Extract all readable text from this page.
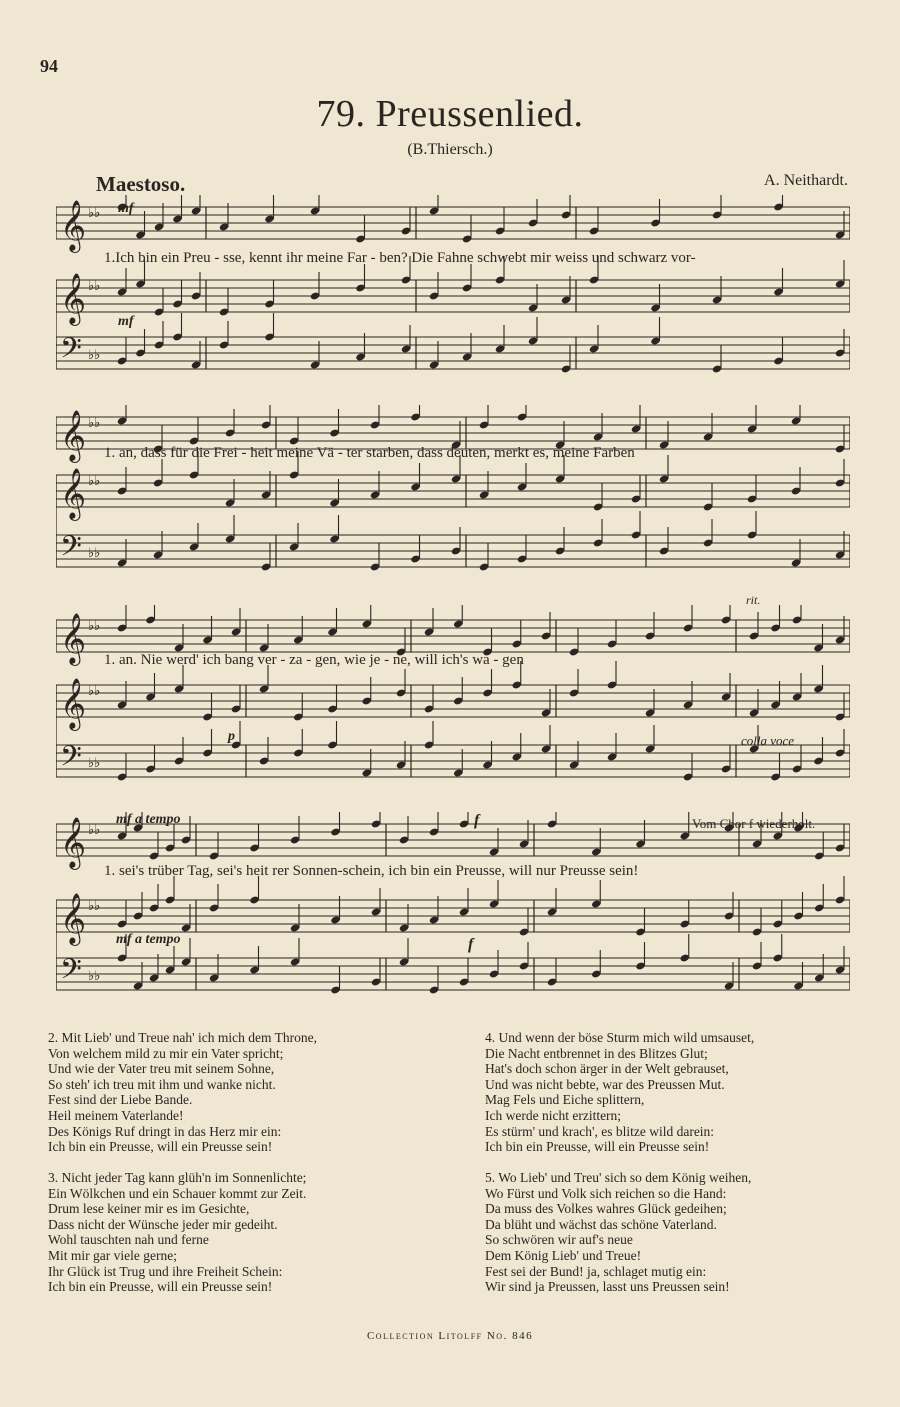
94
79. Preussenlied.
(B.Thiersch.)
Maestoso.	A. Neithardt.
𝄞 ♭♭
𝄞 ♭♭
𝄢 ♭♭
mf
1.Ich bin ein Preu - sse, kennt ihr meine Far - ben? Die Fahne schwebt mir weiss und schwarz vor-
mf
𝄞 ♭♭
𝄞 ♭♭
𝄢 ♭♭
1. an, dass für die Frei - heit meine Vä - ter starben, dass deuten, merkt es, meine Farben
𝄞 ♭♭
𝄞 ♭♭
𝄢 ♭♭
1. an. Nie werd' ich bang ver - za - gen, wie je - ne, will ich's wa - gen
p
rit.
colla voce
𝄞 ♭♭
𝄞 ♭♭
𝄢 ♭♭
mf a tempo	f	Vom Chor f wiederholt.
1. sei's trüber Tag, sei's heit rer Sonnen-schein, ich bin ein Preusse, will nur Preusse sein!
mf a tempo	f
2. Mit Lieb' und Treue nah' ich mich dem Throne,
Von welchem mild zu mir ein Vater spricht;
Und wie der Vater treu mit seinem Sohne,
So steh' ich treu mit ihm und wanke nicht.
Fest sind der Liebe Bande.
Heil meinem Vaterlande!
Des Königs Ruf dringt in das Herz mir ein:
Ich bin ein Preusse, will ein Preusse sein!
4. Und wenn der böse Sturm mich wild umsauset,
Die Nacht entbrennet in des Blitzes Glut;
Hat's doch schon ärger in der Welt gebrauset,
Und was nicht bebte, war des Preussen Mut.
Mag Fels und Eiche splittern,
Ich werde nicht erzittern;
Es stürm' und krach', es blitze wild darein:
Ich bin ein Preusse, will ein Preusse sein!
3. Nicht jeder Tag kann glüh'n im Sonnenlichte;
Ein Wölkchen und ein Schauer kommt zur Zeit.
Drum lese keiner mir es im Gesichte,
Dass nicht der Wünsche jeder mir gedeiht.
Wohl tauschten nah und ferne
Mit mir gar viele gerne;
Ihr Glück ist Trug und ihre Freiheit Schein:
Ich bin ein Preusse, will ein Preusse sein!
5. Wo Lieb' und Treu' sich so dem König weihen,
Wo Fürst und Volk sich reichen so die Hand:
Da muss des Volkes wahres Glück gedeihen;
Da blüht und wächst das schöne Vaterland.
So schwören wir auf's neue
Dem König Lieb' und Treue!
Fest sei der Bund! ja, schlaget mutig ein:
Wir sind ja Preussen, lasst uns Preussen sein!
Collection Litolff No. 846
